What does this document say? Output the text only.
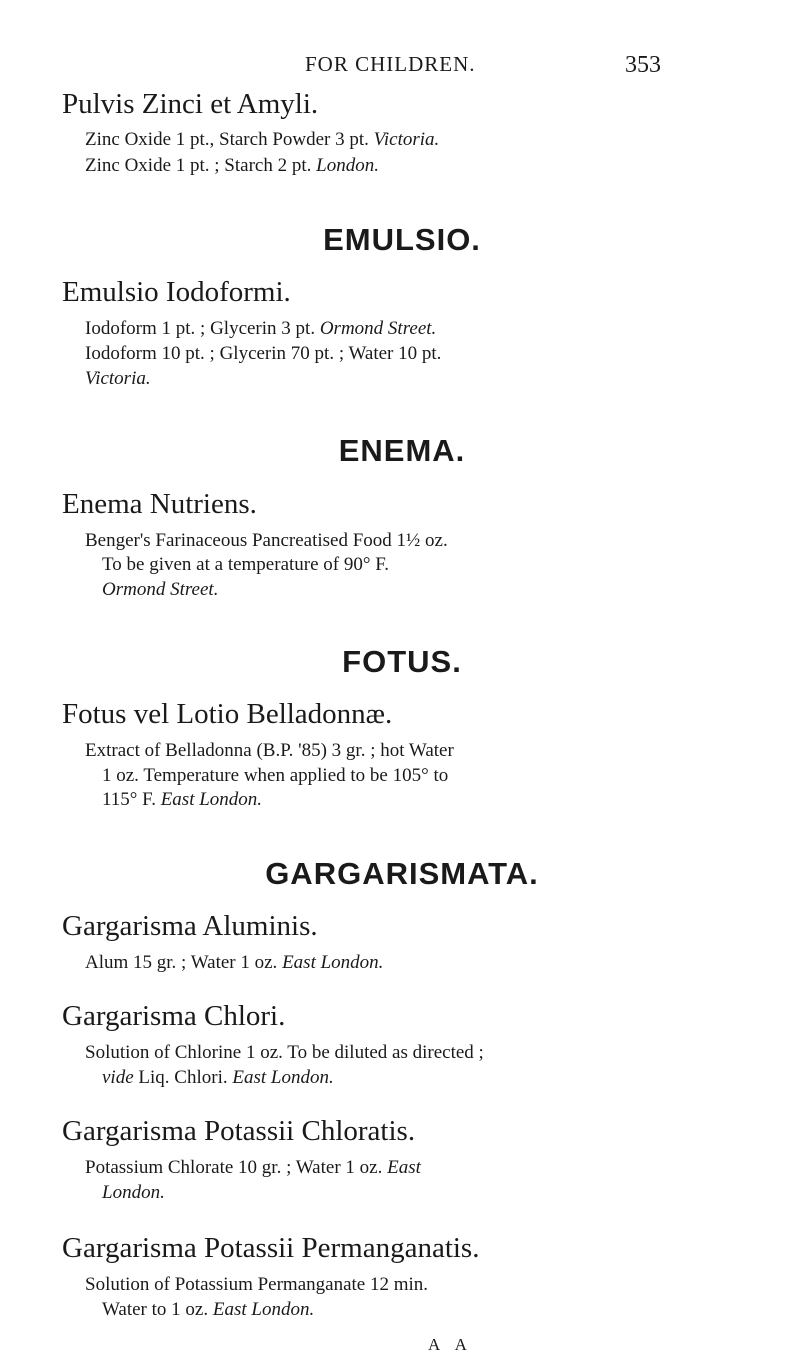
FOR CHILDREN.	353
Pulvis Zinci et Amyli.
Zinc Oxide 1 pt., Starch Powder 3 pt. Victoria.
Zinc Oxide 1 pt. ; Starch 2 pt. London.
EMULSIO.
Emulsio Iodoformi.
Iodoform 1 pt. ; Glycerin 3 pt. Ormond Street.
Iodoform 10 pt. ; Glycerin 70 pt. ; Water 10 pt.
Victoria.
ENEMA.
Enema Nutriens.
Benger's Farinaceous Pancreatised Food 1½ oz.
To be given at a temperature of 90° F.
Ormond Street.
FOTUS.
Fotus vel Lotio Belladonnæ.
Extract of Belladonna (B.P. '85) 3 gr. ; hot Water
1 oz. Temperature when applied to be 105° to
115° F. East London.
GARGARISMATA.
Gargarisma Aluminis.
Alum 15 gr. ; Water 1 oz. East London.
Gargarisma Chlori.
Solution of Chlorine 1 oz. To be diluted as directed ;
vide Liq. Chlori. East London.
Gargarisma Potassii Chloratis.
Potassium Chlorate 10 gr. ; Water 1 oz. East
London.
Gargarisma Potassii Permanganatis.
Solution of Potassium Permanganate 12 min.
Water to 1 oz. East London.
A A
